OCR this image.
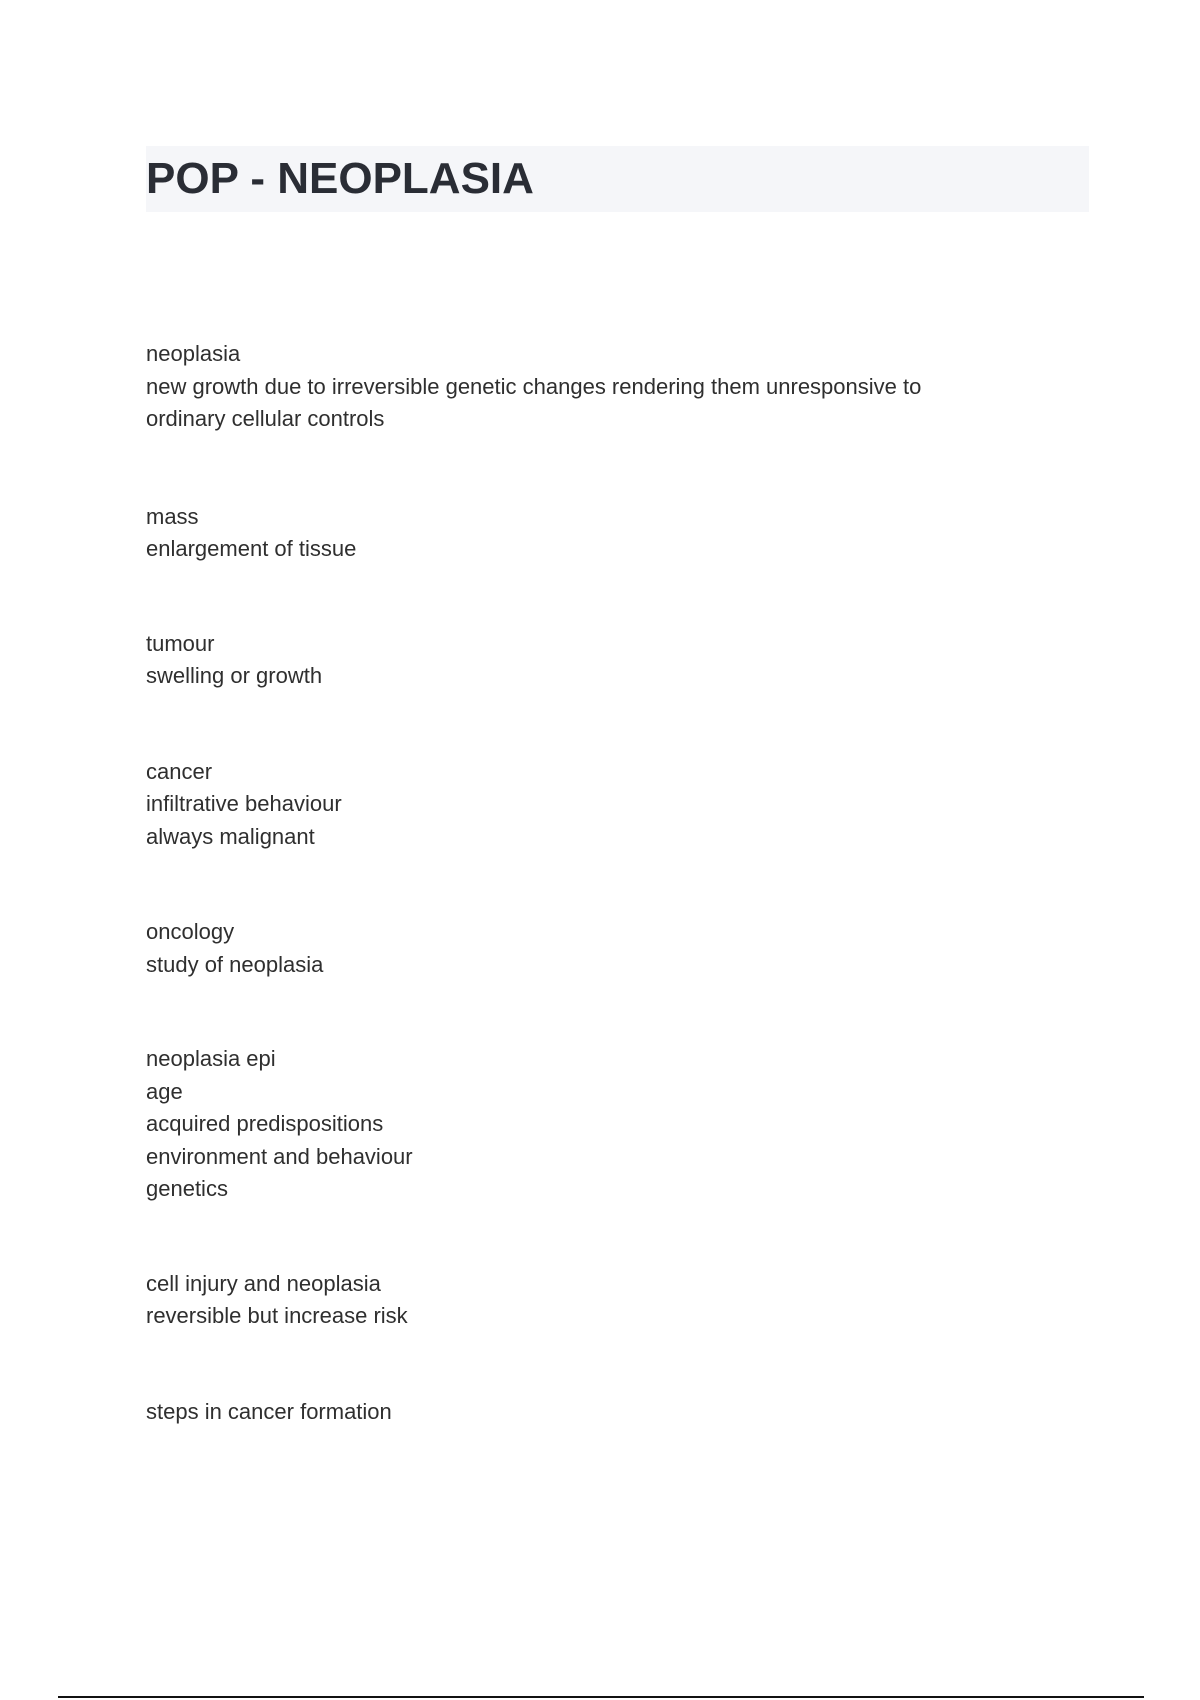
POP - NEOPLASIA
neoplasia
new growth due to irreversible genetic changes rendering them unresponsive to
ordinary cellular controls
mass
enlargement of tissue
tumour
swelling or growth
cancer
infiltrative behaviour
always malignant
oncology
study of neoplasia
neoplasia epi
age
acquired predispositions
environment and behaviour
genetics
cell injury and neoplasia
reversible but increase risk
steps in cancer formation
